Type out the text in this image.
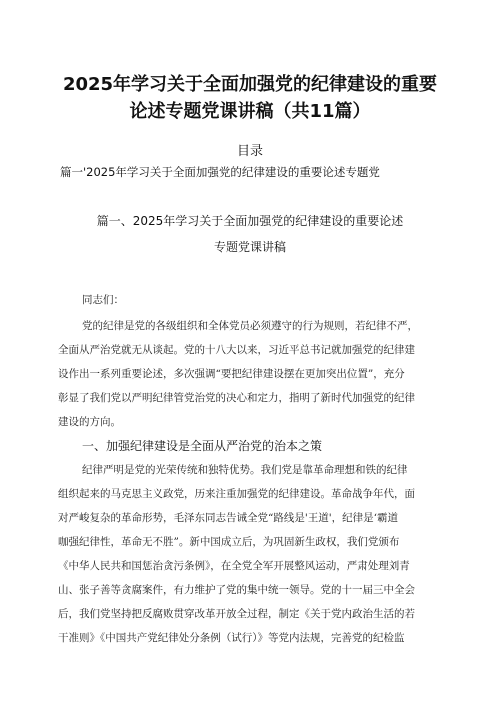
2025年学习关于全面加强党的纪律建设的重要
论述专题党课讲稿（共11篇）
目录
篇一'2025年学习关于全面加强党的纪律建设的重要论述专题党
篇一、2025年学习关于全面加强党的纪律建设的重要论述
专题党课讲稿
同志们：
党的纪律是党的各级组织和全体党员必须遵守的行为规则，若纪律不严，
全面从严治党就无从谈起。党的十八大以来，习近平总书记就加强党的纪律建
设作出一系列重要论述，多次强调“要把纪律建设摆在更加突出位置”，充分
彰显了我们党以严明纪律管党治党的决心和定力，指明了新时代加强党的纪律
建设的方向。
一、加强纪律建设是全面从严治党的治本之策
纪律严明是党的光荣传统和独特优势。我们党是靠革命理想和铁的纪律
组织起来的马克思主义政党，历来注重加强党的纪律建设。革命战争年代，面
对严峻复杂的革命形势，毛泽东同志告诫全党“路线是'王道'，纪律是‘霸道
咖强纪律性，革命无不胜”。新中国成立后，为巩固新生政权，我们党颁布
《中华人民共和国惩治贪污条例》，在全党全军开展整风运动，严肃处理刘青
山、张子善等贪腐案件，有力维护了党的集中统一领导。党的十一届三中全会
后，我们党坚持把反腐败贯穿改革开放全过程，制定《关于党内政治生活的若
干准则》《中国共产党纪律处分条例（试行）》等党内法规，完善党的纪检监
